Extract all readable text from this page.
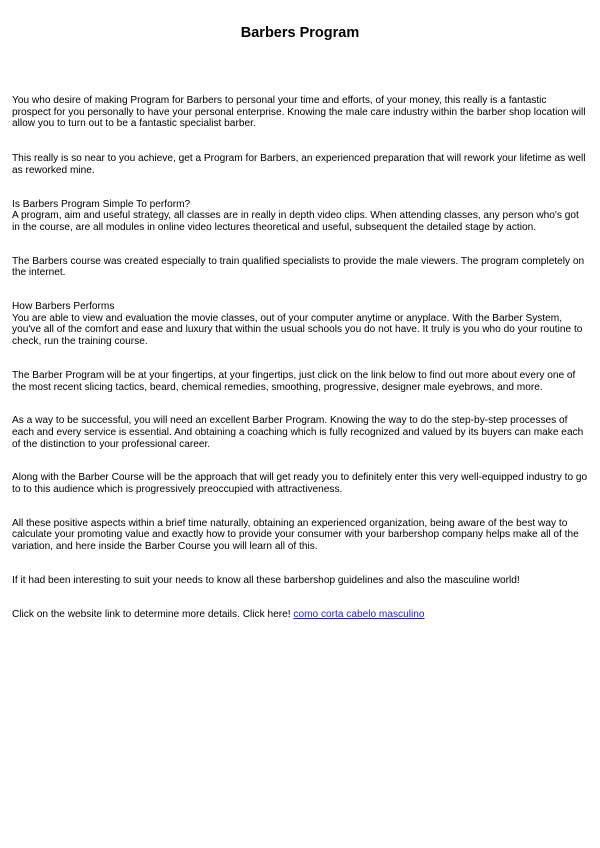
Barbers Program

You who desire of making Program for Barbers to personal your time and efforts, of your money, this really is a fantastic prospect for you personally to have your personal enterprise. Knowing the male care industry within the barber shop location will allow you to turn out to be a fantastic specialist barber.

This really is so near to you achieve, get a Program for Barbers, an experienced preparation that will rework your lifetime as well as reworked mine.

Is Barbers Program Simple To perform?
A program, aim and useful strategy, all classes are in really in depth video clips. When attending classes, any person who's got in the course, are all modules in online video lectures theoretical and useful, subsequent the detailed stage by action.

The Barbers course was created especially to train qualified specialists to provide the male viewers. The program completely on the internet.

How Barbers Performs
You are able to view and evaluation the movie classes, out of your computer anytime or anyplace. With the Barber System, you've all of the comfort and ease and luxury that within the usual schools you do not have. It truly is you who do your routine to check, run the training course.

The Barber Program will be at your fingertips, at your fingertips, just click on the link below to find out more about every one of the most recent slicing tactics, beard, chemical remedies, smoothing, progressive, designer male eyebrows, and more.

As a way to be successful, you will need an excellent Barber Program. Knowing the way to do the step-by-step processes of each and every service is essential. And obtaining a coaching which is fully recognized and valued by its buyers can make each of the distinction to your professional career.

Along with the Barber Course will be the approach that will get ready you to definitely enter this very well-equipped industry to go to to this audience which is progressively preoccupied with attractiveness.

All these positive aspects within a brief time naturally, obtaining an experienced organization, being aware of the best way to calculate your promoting value and exactly how to provide your consumer with your barbershop company helps make all of the variation, and here inside the Barber Course you will learn all of this.

If it had been interesting to suit your needs to know all these barbershop guidelines and also the masculine world!

Click on the website link to determine more details. Click here! como corta cabelo masculino
